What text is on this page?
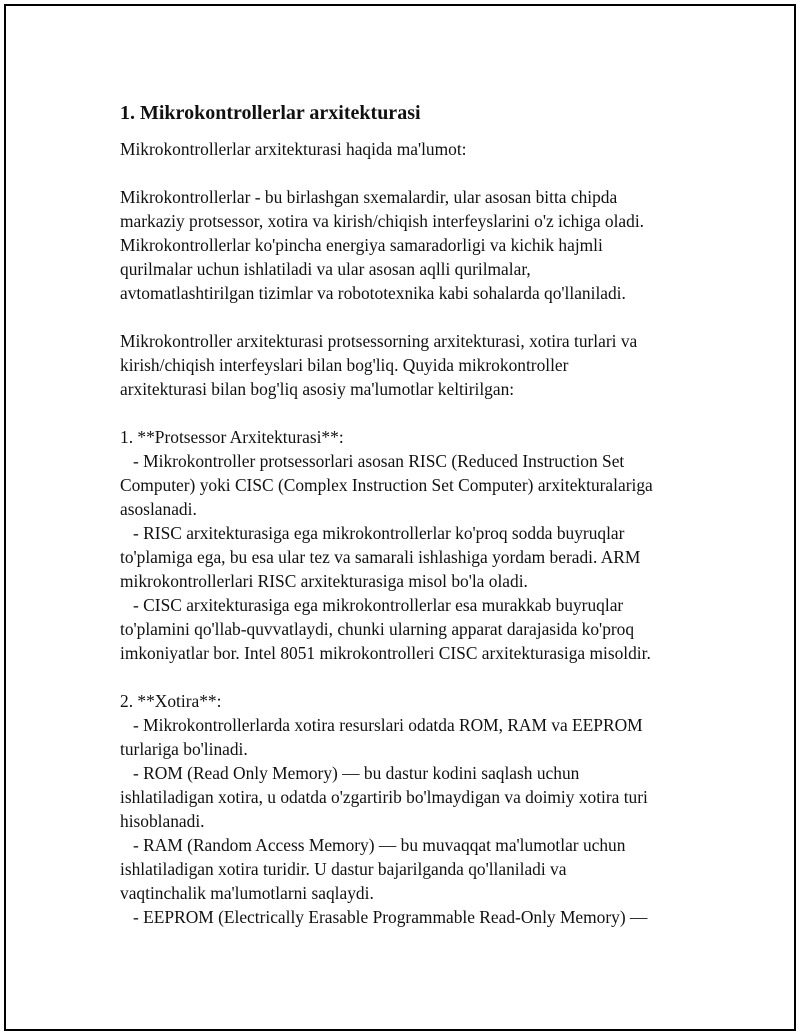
1. Mikrokontrollerlar arxitekturasi
Mikrokontrollerlar arxitekturasi haqida ma'lumot:
Mikrokontrollerlar - bu birlashgan sxemalardir, ular asosan bitta chipda
markaziy protsessor, xotira va kirish/chiqish interfeyslarini o'z ichiga oladi.
Mikrokontrollerlar ko'pincha energiya samaradorligi va kichik hajmli
qurilmalar uchun ishlatiladi va ular asosan aqlli qurilmalar,
avtomatlashtirilgan tizimlar va robototexnika kabi sohalarda qo'llaniladi.
Mikrokontroller arxitekturasi protsessorning arxitekturasi, xotira turlari va
kirish/chiqish interfeyslari bilan bog'liq. Quyida mikrokontroller
arxitekturasi bilan bog'liq asosiy ma'lumotlar keltirilgan:
1. **Protsessor Arxitekturasi**:
- Mikrokontroller protsessorlari asosan RISC (Reduced Instruction Set
Computer) yoki CISC (Complex Instruction Set Computer) arxitekturalariga
asoslanadi.
- RISC arxitekturasiga ega mikrokontrollerlar ko'proq sodda buyruqlar
to'plamiga ega, bu esa ular tez va samarali ishlashiga yordam beradi. ARM
mikrokontrollerlari RISC arxitekturasiga misol bo'la oladi.
- CISC arxitekturasiga ega mikrokontrollerlar esa murakkab buyruqlar
to'plamini qo'llab-quvvatlaydi, chunki ularning apparat darajasida ko'proq
imkoniyatlar bor. Intel 8051 mikrokontrolleri CISC arxitekturasiga misoldir.
2. **Xotira**:
- Mikrokontrollerlarda xotira resurslari odatda ROM, RAM va EEPROM
turlariga bo'linadi.
- ROM (Read Only Memory) — bu dastur kodini saqlash uchun
ishlatiladigan xotira, u odatda o'zgartirib bo'lmaydigan va doimiy xotira turi
hisoblanadi.
- RAM (Random Access Memory) — bu muvaqqat ma'lumotlar uchun
ishlatiladigan xotira turidir. U dastur bajarilganda qo'llaniladi va
vaqtinchalik ma'lumotlarni saqlaydi.
- EEPROM (Electrically Erasable Programmable Read-Only Memory) —
